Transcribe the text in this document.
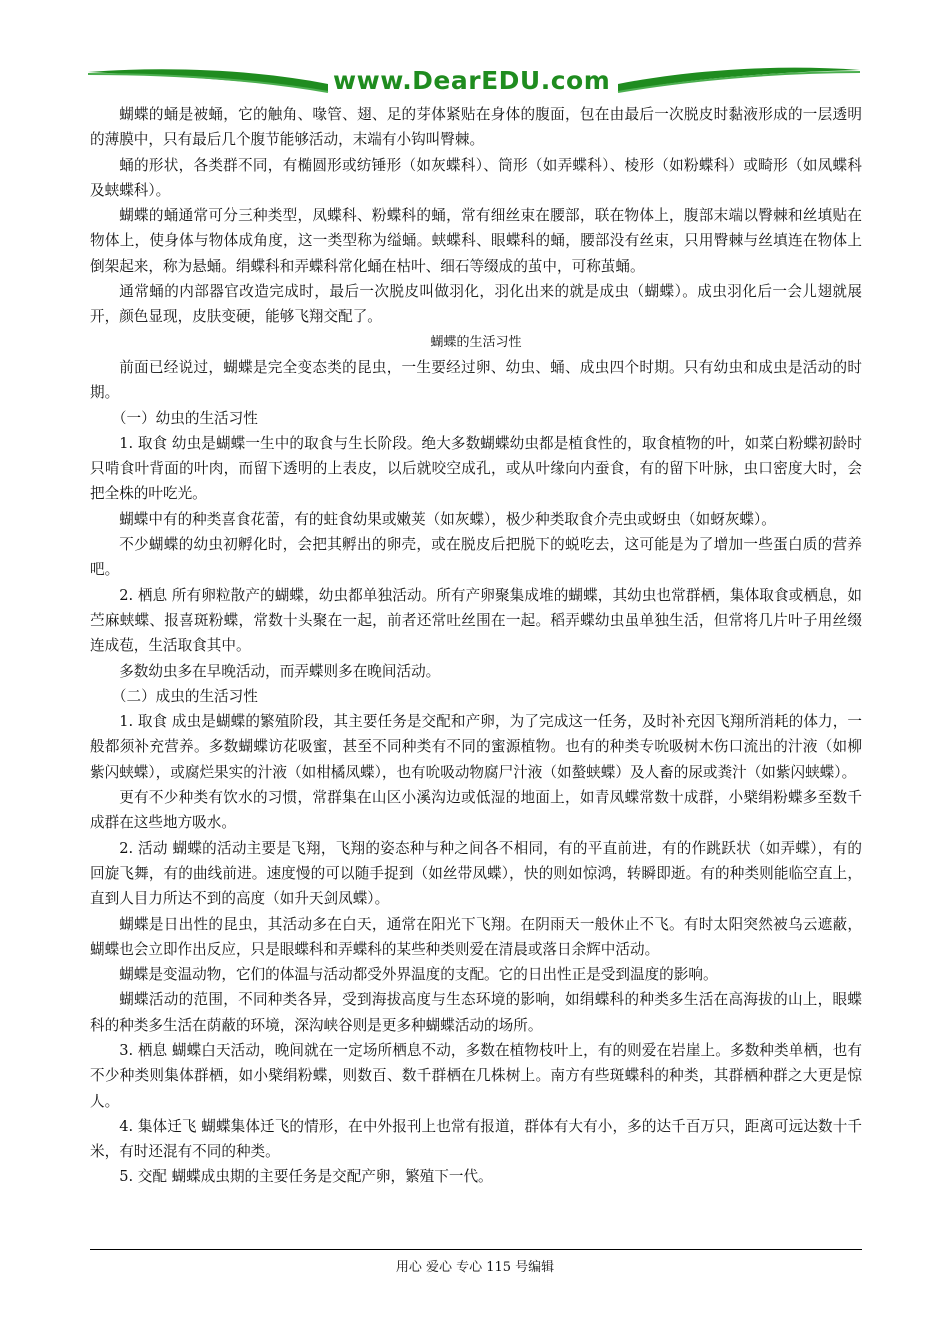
www.DearEDU.com

蝴蝶的蛹是被蛹，它的触角、喙管、翅、足的芽体紧贴在身体的腹面，包在由最后一次脱皮时黏液形成的一层透明的薄膜中，只有最后几个腹节能够活动，末端有小钩叫臀棘。

蛹的形状，各类群不同，有椭圆形或纺锤形（如灰蝶科）、筒形（如弄蝶科）、棱形（如粉蝶科）或畸形（如凤蝶科及蛱蝶科）。

蝴蝶的蛹通常可分三种类型，凤蝶科、粉蝶科的蛹，常有细丝束在腰部，联在物体上，腹部末端以臀棘和丝填贴在物体上，使身体与物体成角度，这一类型称为缢蛹。蛱蝶科、眼蝶科的蛹，腰部没有丝束，只用臀棘与丝填连在物体上倒架起来，称为悬蛹。绢蝶科和弄蝶科常化蛹在枯叶、细石等缀成的茧中，可称茧蛹。

通常蛹的内部器官改造完成时，最后一次脱皮叫做羽化，羽化出来的就是成虫（蝴蝶）。成虫羽化后一会儿翅就展开，颜色显现，皮肤变硬，能够飞翔交配了。

蝴蝶的生活习性

前面已经说过，蝴蝶是完全变态类的昆虫，一生要经过卵、幼虫、蛹、成虫四个时期。只有幼虫和成虫是活动的时期。

（一）幼虫的生活习性

1. 取食 幼虫是蝴蝶一生中的取食与生长阶段。绝大多数蝴蝶幼虫都是植食性的，取食植物的叶，如菜白粉蝶初龄时只啃食叶背面的叶肉，而留下透明的上表皮，以后就咬空成孔，或从叶缘向内蚕食，有的留下叶脉，虫口密度大时，会把全株的叶吃光。

蝴蝶中有的种类喜食花蕾，有的蛀食幼果或嫩荚（如灰蝶），极少种类取食介壳虫或蚜虫（如蚜灰蝶）。

不少蝴蝶的幼虫初孵化时，会把其孵出的卵壳，或在脱皮后把脱下的蜕吃去，这可能是为了增加一些蛋白质的营养吧。

2. 栖息 所有卵粒散产的蝴蝶，幼虫都单独活动。所有产卵聚集成堆的蝴蝶，其幼虫也常群栖，集体取食或栖息，如苎麻蛱蝶、报喜斑粉蝶，常数十头聚在一起，前者还常吐丝围在一起。稻弄蝶幼虫虽单独生活，但常将几片叶子用丝缀连成苞，生活取食其中。

多数幼虫多在早晚活动，而弄蝶则多在晚间活动。

（二）成虫的生活习性

1. 取食 成虫是蝴蝶的繁殖阶段，其主要任务是交配和产卵，为了完成这一任务，及时补充因飞翔所消耗的体力，一般都须补充营养。多数蝴蝶访花吸蜜，甚至不同种类有不同的蜜源植物。也有的种类专吮吸树木伤口流出的汁液（如柳紫闪蛱蝶），或腐烂果实的汁液（如柑橘凤蝶），也有吮吸动物腐尸汁液（如螯蛱蝶）及人畜的尿或粪汁（如紫闪蛱蝶）。

更有不少种类有饮水的习惯，常群集在山区小溪沟边或低湿的地面上，如青凤蝶常数十成群，小檗绢粉蝶多至数千成群在这些地方吸水。

2. 活动 蝴蝶的活动主要是飞翔，飞翔的姿态种与种之间各不相同，有的平直前进，有的作跳跃状（如弄蝶），有的回旋飞舞，有的曲线前进。速度慢的可以随手捉到（如丝带凤蝶），快的则如惊鸿，转瞬即逝。有的种类则能临空直上，直到人目力所达不到的高度（如升天剑凤蝶）。

蝴蝶是日出性的昆虫，其活动多在白天，通常在阳光下飞翔。在阴雨天一般休止不飞。有时太阳突然被乌云遮蔽，蝴蝶也会立即作出反应，只是眼蝶科和弄蝶科的某些种类则爱在清晨或落日余辉中活动。

蝴蝶是变温动物，它们的体温与活动都受外界温度的支配。它的日出性正是受到温度的影响。

蝴蝶活动的范围，不同种类各异，受到海拔高度与生态环境的影响，如绢蝶科的种类多生活在高海拔的山上，眼蝶科的种类多生活在荫蔽的环境，深沟峡谷则是更多种蝴蝶活动的场所。

3. 栖息 蝴蝶白天活动，晚间就在一定场所栖息不动，多数在植物枝叶上，有的则爱在岩崖上。多数种类单栖，也有不少种类则集体群栖，如小檗绢粉蝶，则数百、数千群栖在几株树上。南方有些斑蝶科的种类，其群栖种群之大更是惊人。

4. 集体迁飞 蝴蝶集体迁飞的情形，在中外报刊上也常有报道，群体有大有小，多的达千百万只，距离可远达数十千米，有时还混有不同的种类。

5. 交配 蝴蝶成虫期的主要任务是交配产卵，繁殖下一代。

用心 爱心 专心 115 号编辑
